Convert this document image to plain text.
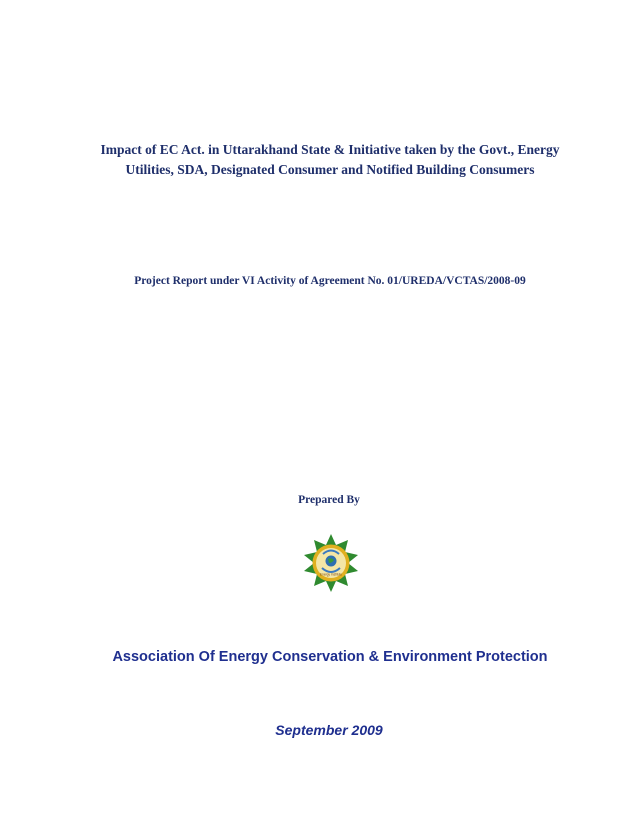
Impact of EC Act. in Uttarakhand State & Initiative taken by the Govt., Energy
Utilities, SDA, Designated Consumer and Notified Building Consumers

Project Report under VI Activity of Agreement No. 01/UREDA/VCTAS/2008-09

Prepared By

Energy Institute

Association Of Energy Conservation & Environment Protection

September 2009
